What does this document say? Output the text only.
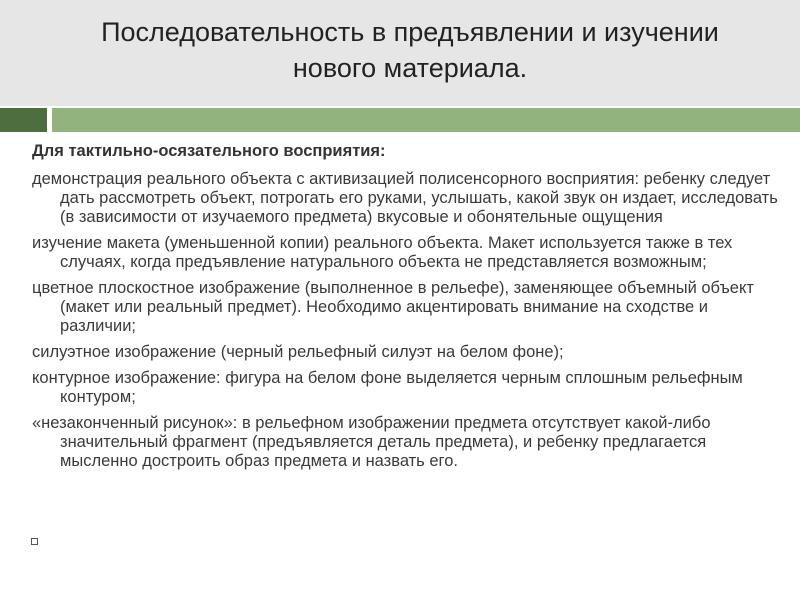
Последовательность в предъявлении и изучении нового материала.
Для тактильно-осязательного восприятия:
демонстрация реального объекта с активизацией полисенсорного восприятия: ребенку следует дать рассмотреть объект, потрогать его руками, услышать, какой звук он издает, исследовать (в зависимости от изучаемого предмета) вкусовые и обонятельные ощущения
изучение макета (уменьшенной копии) реального объекта. Макет используется также в тех случаях, когда предъявление натурального объекта не представляется возможным;
цветное плоскостное изображение (выполненное в рельефе), заменяющее объемный объект (макет или реальный предмет). Необходимо акцентировать внимание на сходстве и различии;
силуэтное изображение (черный рельефный силуэт на белом фоне);
контурное изображение: фигура на белом фоне выделяется черным сплошным рельефным контуром;
«незаконченный рисунок»: в рельефном изображении предмета отсутствует какой-либо значительный фрагмент (предъявляется деталь предмета), и ребенку предлагается мысленно достроить образ предмета и назвать его.
